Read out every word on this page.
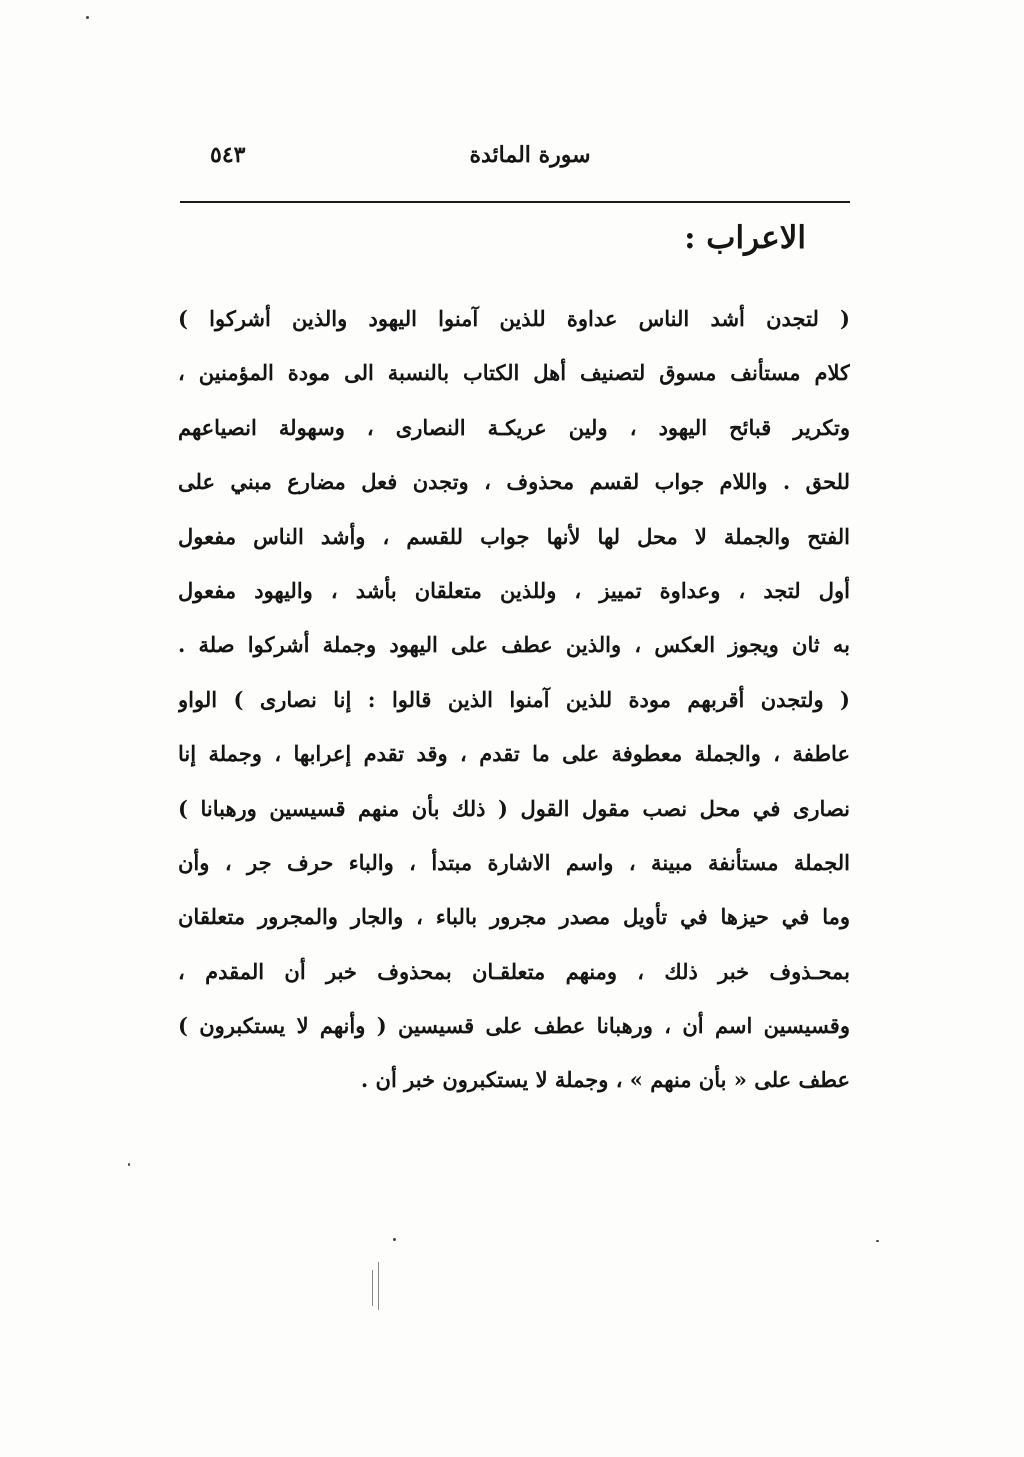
٥٤٣	سورة المائدة
الاعراب :
( لتجدن أشد الناس عداوة للذين آمنوا اليهود والذين أشركوا )
كلام مستأنف مسوق لتصنيف أهل الكتاب بالنسبة الى مودة المؤمنين ،
وتكرير قبائح اليهود ، ولين عريكـة النصارى ، وسهولة انصياعهم
للحق . واللام جواب لقسم محذوف ، وتجدن فعل مضارع مبني على
الفتح والجملة لا محل لها لأنها جواب للقسم ، وأشد الناس مفعول
أول لتجد ، وعداوة تمييز ، وللذين متعلقان بأشد ، واليهود مفعول
به ثان ويجوز العكس ، والذين عطف على اليهود وجملة أشركوا صلة .
( ولتجدن أقربهم مودة للذين آمنوا الذين قالوا : إنا نصارى ) الواو
عاطفة ، والجملة معطوفة على ما تقدم ، وقد تقدم إعرابها ، وجملة إنا
نصارى في محل نصب مقول القول ( ذلك بأن منهم قسيسين ورهبانا )
الجملة مستأنفة مبينة ، واسم الاشارة مبتدأ ، والباء حرف جر ، وأن
وما في حيزها في تأويل مصدر مجرور بالباء ، والجار والمجرور متعلقان
بمحـذوف خبر ذلك ، ومنهم متعلقـان بمحذوف خبر أن المقدم ،
وقسيسين اسم أن ، ورهبانا عطف على قسيسين ( وأنهم لا يستكبرون )
عطف على « بأن منهم » ، وجملة لا يستكبرون خبر أن .
